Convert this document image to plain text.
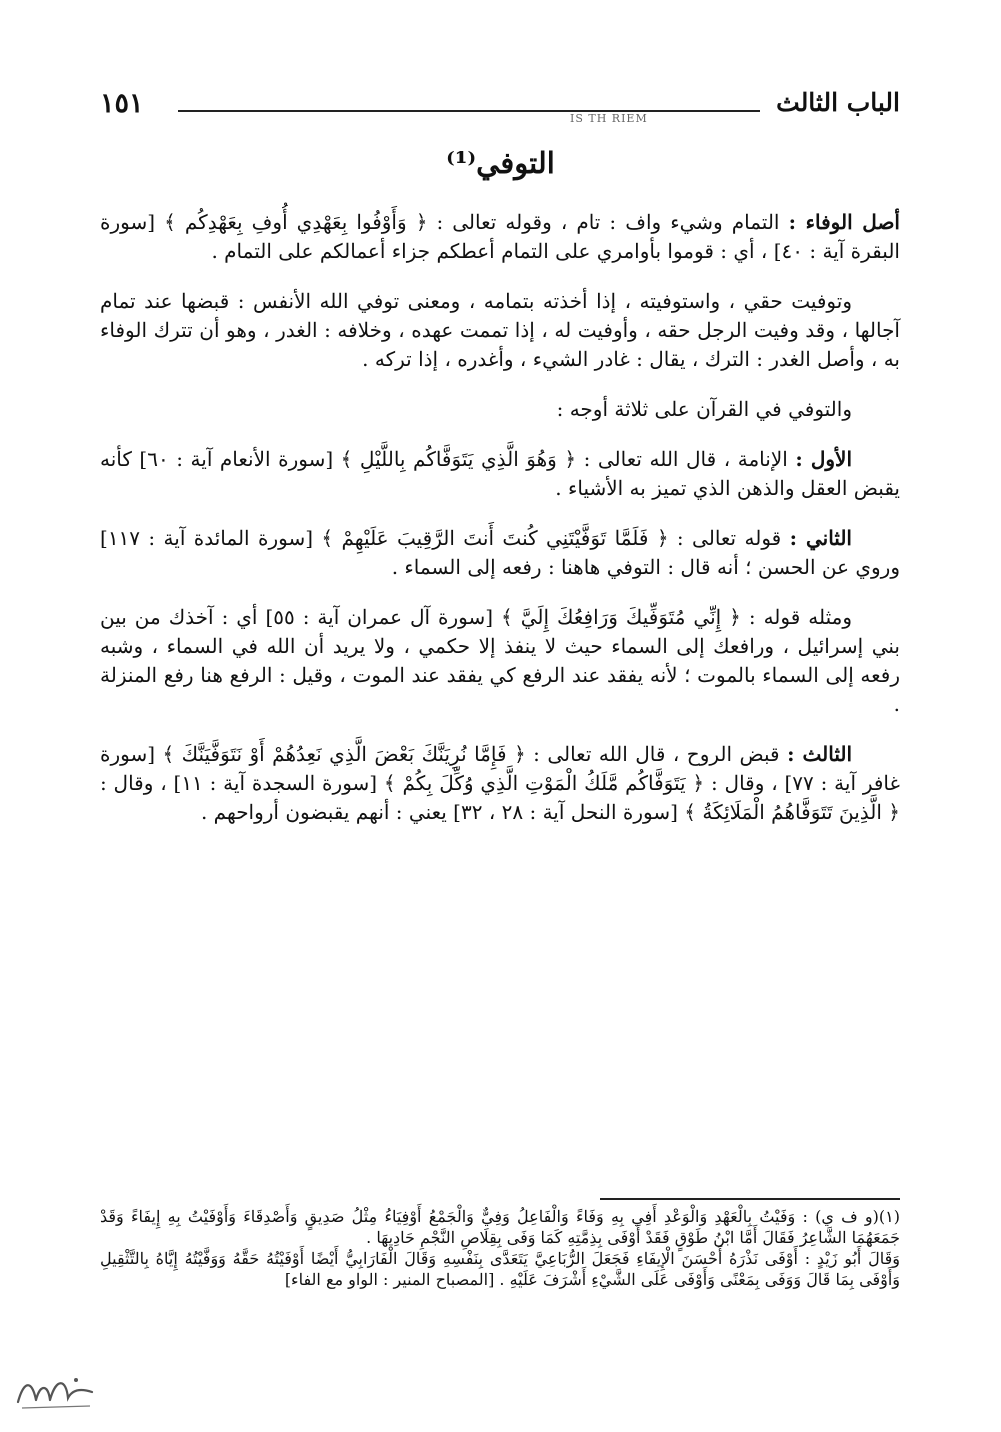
١٥١	IS TH RIEM
الباب الثالث
التوفي⁽¹⁾

أصل الوفاء : التمام وشيء واف : تام ، وقوله تعالى : ﴿ وَأَوْفُوا بِعَهْدِي أُوفِ بِعَهْدِكُم ﴾ [سورة البقرة آية : ٤٠] ، أي : قوموا بأوامري على التمام أعطكم جزاء أعمالكم على التمام .

وتوفيت حقي ، واستوفيته ، إذا أخذته بتمامه ، ومعنى توفي الله الأنفس : قبضها عند تمام آجالها ، وقد وفيت الرجل حقه ، وأوفيت له ، إذا تممت عهده ، وخلافه : الغدر ، وهو أن تترك الوفاء به ، وأصل الغدر : الترك ، يقال : غادر الشيء ، وأغدره ، إذا تركه .

والتوفي في القرآن على ثلاثة أوجه :

الأول : الإنامة ، قال الله تعالى : ﴿ وَهُوَ الَّذِي يَتَوَفَّاكُم بِاللَّيْلِ ﴾ [سورة الأنعام آية : ٦٠] كأنه يقبض العقل والذهن الذي تميز به الأشياء .

الثاني : قوله تعالى : ﴿ فَلَمَّا تَوَفَّيْتَنِي كُنتَ أَنتَ الرَّقِيبَ عَلَيْهِمْ ﴾ [سورة المائدة آية : ١١٧] وروي عن الحسن ؛ أنه قال : التوفي هاهنا : رفعه إلى السماء .

ومثله قوله : ﴿ إِنِّي مُتَوَفِّيكَ وَرَافِعُكَ إِلَيَّ ﴾ [سورة آل عمران آية : ٥٥] أي : آخذك من بين بني إسرائيل ، ورافعك إلى السماء حيث لا ينفذ إلا حكمي ، ولا يريد أن الله في السماء ، وشبه رفعه إلى السماء بالموت ؛ لأنه يفقد عند الرفع كي يفقد عند الموت ، وقيل : الرفع هنا رفع المنزلة .

الثالث : قبض الروح ، قال الله تعالى : ﴿ فَإِمَّا نُرِيَنَّكَ بَعْضَ الَّذِي نَعِدُهُمْ أَوْ نَتَوَفَّيَنَّكَ ﴾ [سورة غافر آية : ٧٧] ، وقال : ﴿ يَتَوَفَّاكُم مَّلَكُ الْمَوْتِ الَّذِي وُكِّلَ بِكُمْ ﴾ [سورة السجدة آية : ١١] ، وقال : ﴿ الَّذِينَ تَتَوَفَّاهُمُ الْمَلَائِكَةُ ﴾ [سورة النحل آية : ٢٨ ، ٣٢] يعني : أنهم يقبضون أرواحهم .

(١)(و ف ي) : وَفَيْتُ بِالْعَهْدِ وَالْوَعْدِ أَفِي بِهِ وَفَاءً وَالْفَاعِلُ وَفِيٌّ وَالْجَمْعُ أَوْفِيَاءُ مِثْلُ صَدِيقٍ وَأَصْدِقَاءَ وَأَوْفَيْتُ بِهِ إِيفَاءً وَقَدْ جَمَعَهُمَا الشَّاعِرُ فَقَالَ أَمَّا ابْنُ طَوْقٍ فَقَدْ أَوْفَى بِذِمَّتِهِ كَمَا وَفَى بِقِلَاصِ النَّجْمِ حَادِيهَا .

وَقَالَ أَبُو زَيْدٍ : أَوْفَى نَذْرَهُ أَحْسَنَ الْإِيفَاءِ فَجَعَلَ الرُّبَاعِيَّ يَتَعَدَّى بِنَفْسِهِ وَقَالَ الْفَارَابِيُّ أَيْضًا أَوْفَيْتُهُ حَقَّهُ وَوَفَّيْتُهُ إِيَّاهُ بِالتَّثْقِيلِ وَأَوْفَى بِمَا قَالَ وَوَفَى بِمَعْنًى وَأَوْفَى عَلَى الشَّيْءِ أَشْرَفَ عَلَيْهِ . [المصباح المنير : الواو مع الفاء]
